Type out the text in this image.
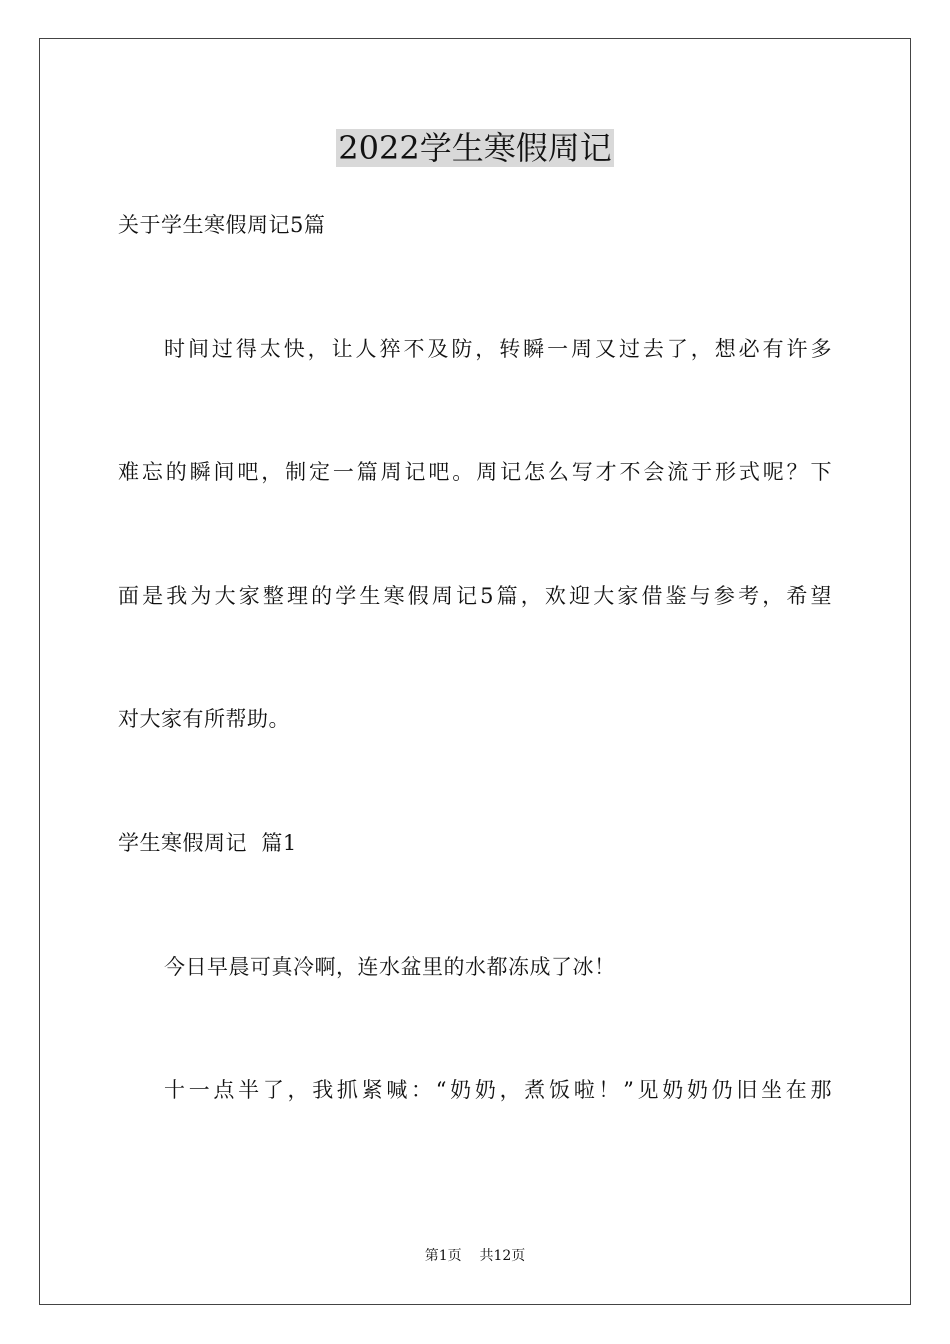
2022学生寒假周记
关于学生寒假周记5篇
时间过得太快，让人猝不及防，转瞬一周又过去了，想必有许多
难忘的瞬间吧，制定一篇周记吧。周记怎么写才不会流于形式呢？下
面是我为大家整理的学生寒假周记5篇，欢迎大家借鉴与参考，希望
对大家有所帮助。
学生寒假周记  篇1
今日早晨可真冷啊，连水盆里的水都冻成了冰！
十一点半了，我抓紧喊：“奶奶，煮饭啦！”见奶奶仍旧坐在那
第1页    共12页
